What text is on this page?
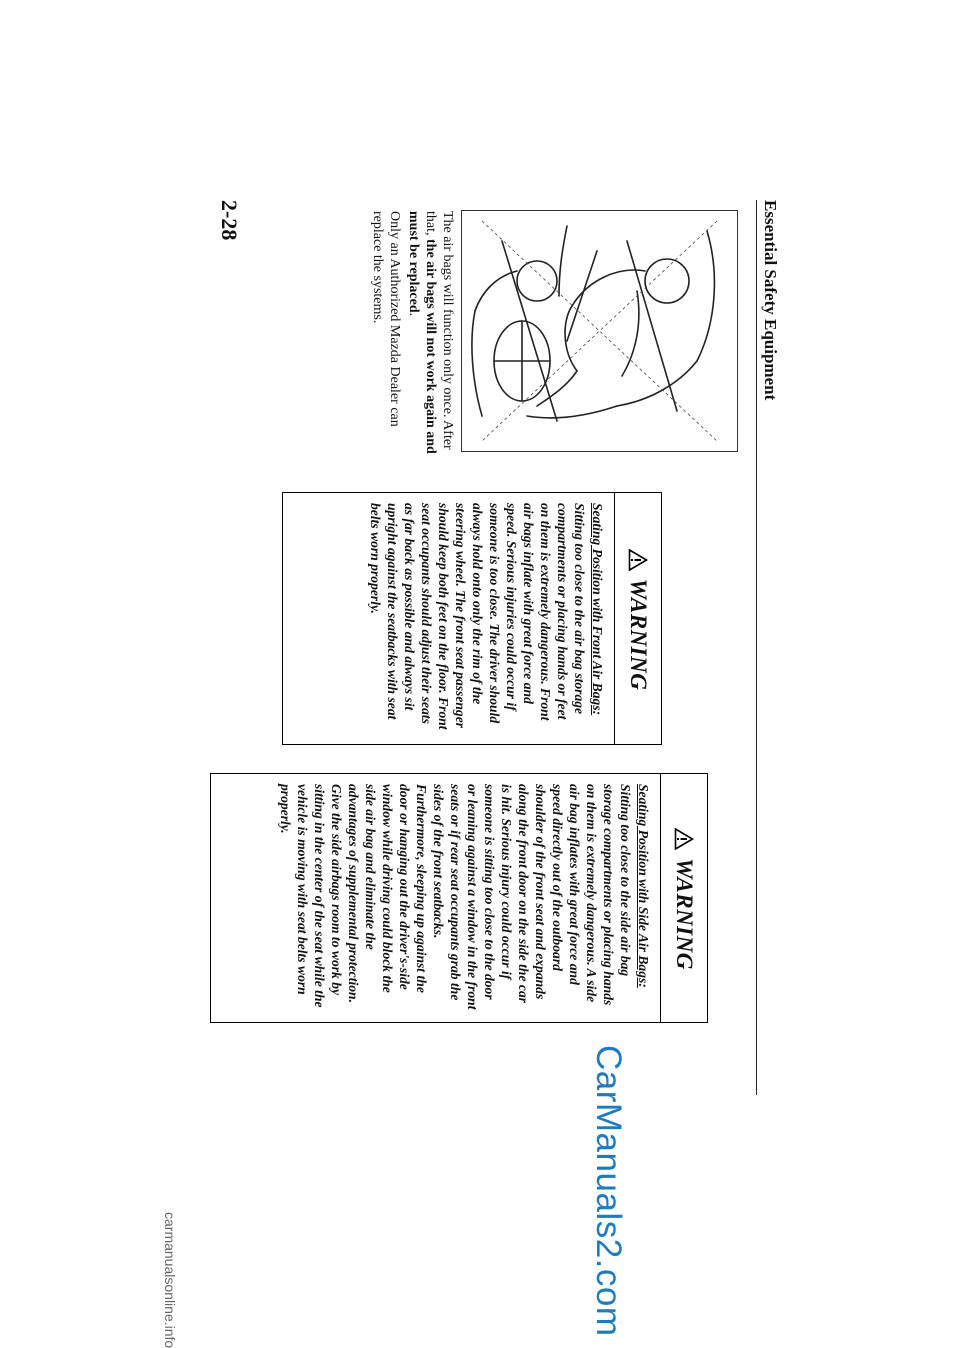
Essential Safety Equipment

The air bags will function only once. After that, the air bags will not work again and must be replaced.

Only an Authorized Mazda Dealer can replace the systems.

2-28
WARNING

Seating Position with Front Air Bags:

Sitting too close to the air bag storage compartments or placing hands or feet on them is extremely dangerous. Front air bags inflate with great force and speed. Serious injuries could occur if someone is too close. The driver should always hold onto only the rim of the steering wheel. The front seat passenger should keep both feet on the floor. Front seat occupants should adjust their seats as far back as possible and always sit upright against the seatbacks with seat belts worn properly.

WARNING

Seating Position with Side Air Bags:

Sitting too close to the side air bag storage compartments or placing hands on them is extremely dangerous. A side air bag inflates with great force and speed directly out of the outboard shoulder of the front seat and expands along the front door on the side the car is hit. Serious injury could occur if someone is sitting too close to the door or leaning against a window in the front seats or if rear seat occupants grab the sides of the front seatbacks. Furthermore, sleeping up against the door or hanging out the driver's-side window while driving could block the side air bag and eliminate the advantages of supplemental protection. Give the side airbags room to work by sitting in the center of the seat while the vehicle is moving with seat belts worn properly.

CarManuals2.com
carmanualsonline.info
